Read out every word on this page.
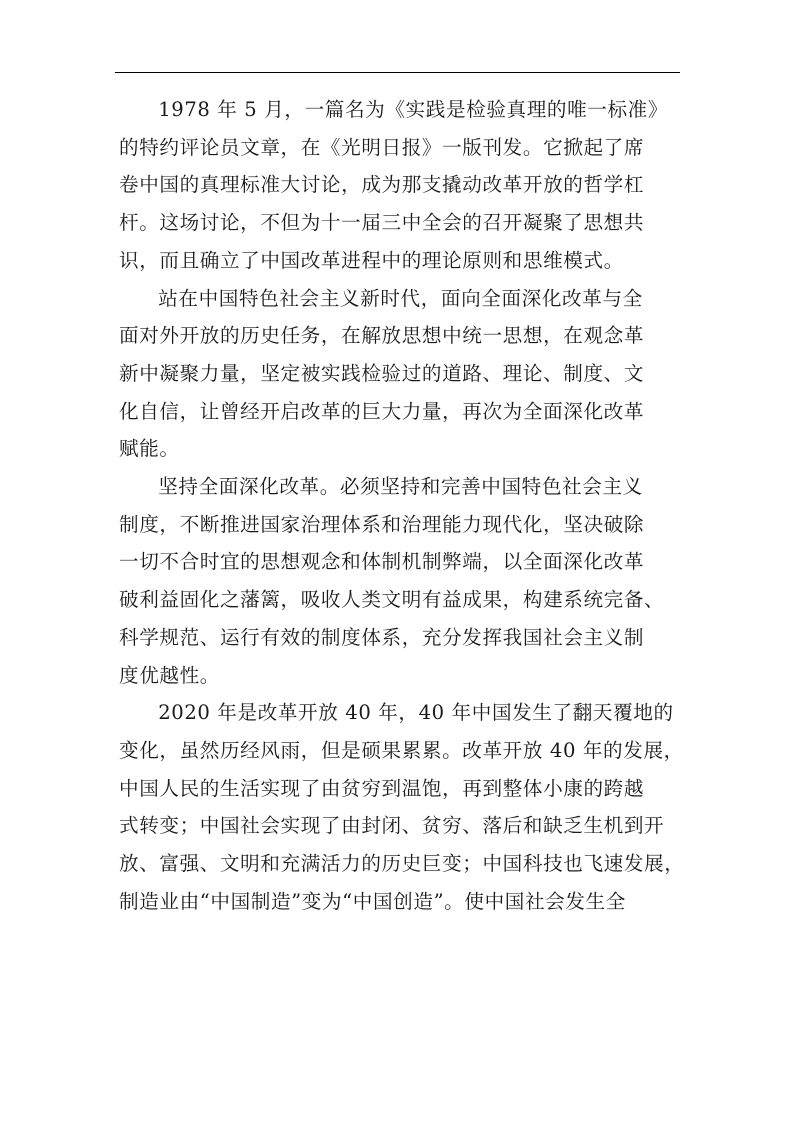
1978 年 5 月，一篇名为《实践是检验真理的唯一标准》
的特约评论员文章，在《光明日报》一版刊发。它掀起了席
卷中国的真理标准大讨论，成为那支撬动改革开放的哲学杠
杆。这场讨论，不但为十一届三中全会的召开凝聚了思想共
识，而且确立了中国改革进程中的理论原则和思维模式。

站在中国特色社会主义新时代，面向全面深化改革与全
面对外开放的历史任务，在解放思想中统一思想，在观念革
新中凝聚力量，坚定被实践检验过的道路、理论、制度、文
化自信，让曾经开启改革的巨大力量，再次为全面深化改革
赋能。

坚持全面深化改革。必须坚持和完善中国特色社会主义
制度，不断推进国家治理体系和治理能力现代化，坚决破除
一切不合时宜的思想观念和体制机制弊端，以全面深化改革
破利益固化之藩篱，吸收人类文明有益成果，构建系统完备、
科学规范、运行有效的制度体系，充分发挥我国社会主义制
度优越性。

2020 年是改革开放 40 年，40 年中国发生了翻天覆地的
变化，虽然历经风雨，但是硕果累累。改革开放 40 年的发展，
中国人民的生活实现了由贫穷到温饱，再到整体小康的跨越
式转变；中国社会实现了由封闭、贫穷、落后和缺乏生机到开
放、富强、文明和充满活力的历史巨变；中国科技也飞速发展，
制造业由“中国制造”变为“中国创造”。使中国社会发生全
